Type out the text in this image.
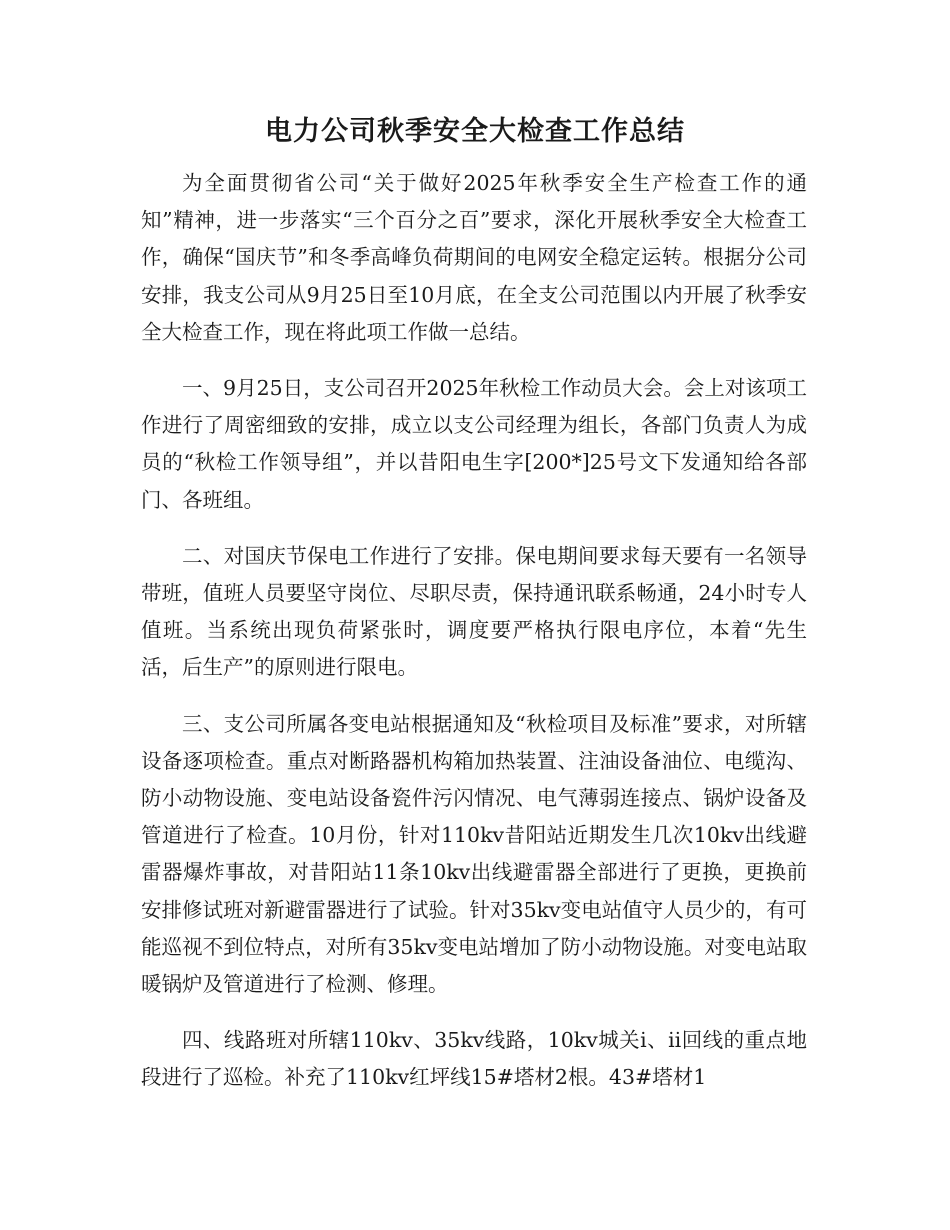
电力公司秋季安全大检查工作总结

为全面贯彻省公司“关于做好2025年秋季安全生产检查工作的通知”精神，进一步落实“三个百分之百”要求，深化开展秋季安全大检查工作，确保“国庆节”和冬季高峰负荷期间的电网安全稳定运转。根据分公司安排，我支公司从9月25日至10月底，在全支公司范围以内开展了秋季安全大检查工作，现在将此项工作做一总结。

一、9月25日，支公司召开2025年秋检工作动员大会。会上对该项工作进行了周密细致的安排，成立以支公司经理为组长，各部门负责人为成员的“秋检工作领导组”，并以昔阳电生字[200*]25号文下发通知给各部门、各班组。

二、对国庆节保电工作进行了安排。保电期间要求每天要有一名领导带班，值班人员要坚守岗位、尽职尽责，保持通讯联系畅通，24小时专人值班。当系统出现负荷紧张时，调度要严格执行限电序位，本着“先生活，后生产”的原则进行限电。

三、支公司所属各变电站根据通知及“秋检项目及标准”要求，对所辖设备逐项检查。重点对断路器机构箱加热装置、注油设备油位、电缆沟、防小动物设施、变电站设备瓷件污闪情况、电气薄弱连接点、锅炉设备及管道进行了检查。10月份，针对110kv昔阳站近期发生几次10kv出线避雷器爆炸事故，对昔阳站11条10kv出线避雷器全部进行了更换，更换前安排修试班对新避雷器进行了试验。针对35kv变电站值守人员少的，有可能巡视不到位特点，对所有35kv变电站增加了防小动物设施。对变电站取暖锅炉及管道进行了检测、修理。

四、线路班对所辖110kv、35kv线路，10kv城关ⅰ、ⅱ回线的重点地段进行了巡检。补充了110kv红坪线15#塔材2根。43#塔材1
